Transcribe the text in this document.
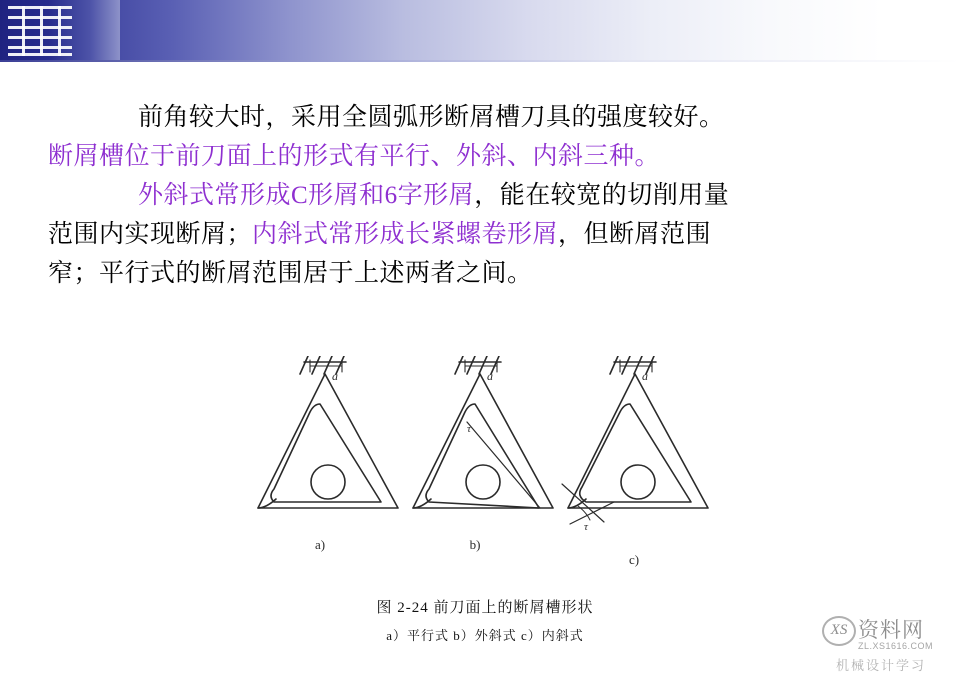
前角较大时，采用全圆弧形断屑槽刀具的强度较好。
断屑槽位于前刀面上的形式有平行、外斜、内斜三种。
外斜式常形成C形屑和6字形屑，能在较宽的切削用量
范围内实现断屑；内斜式常形成长紧螺卷形屑，但断屑范围
窄；平行式的断屑范围居于上述两者之间。
a
a)
a
τ
b)
a
τ
c)
图 2-24 前刀面上的断屑槽形状
a）平行式 b）外斜式 c）内斜式	XS 资料网
ZL.XS1616.COM
机械设计学习
